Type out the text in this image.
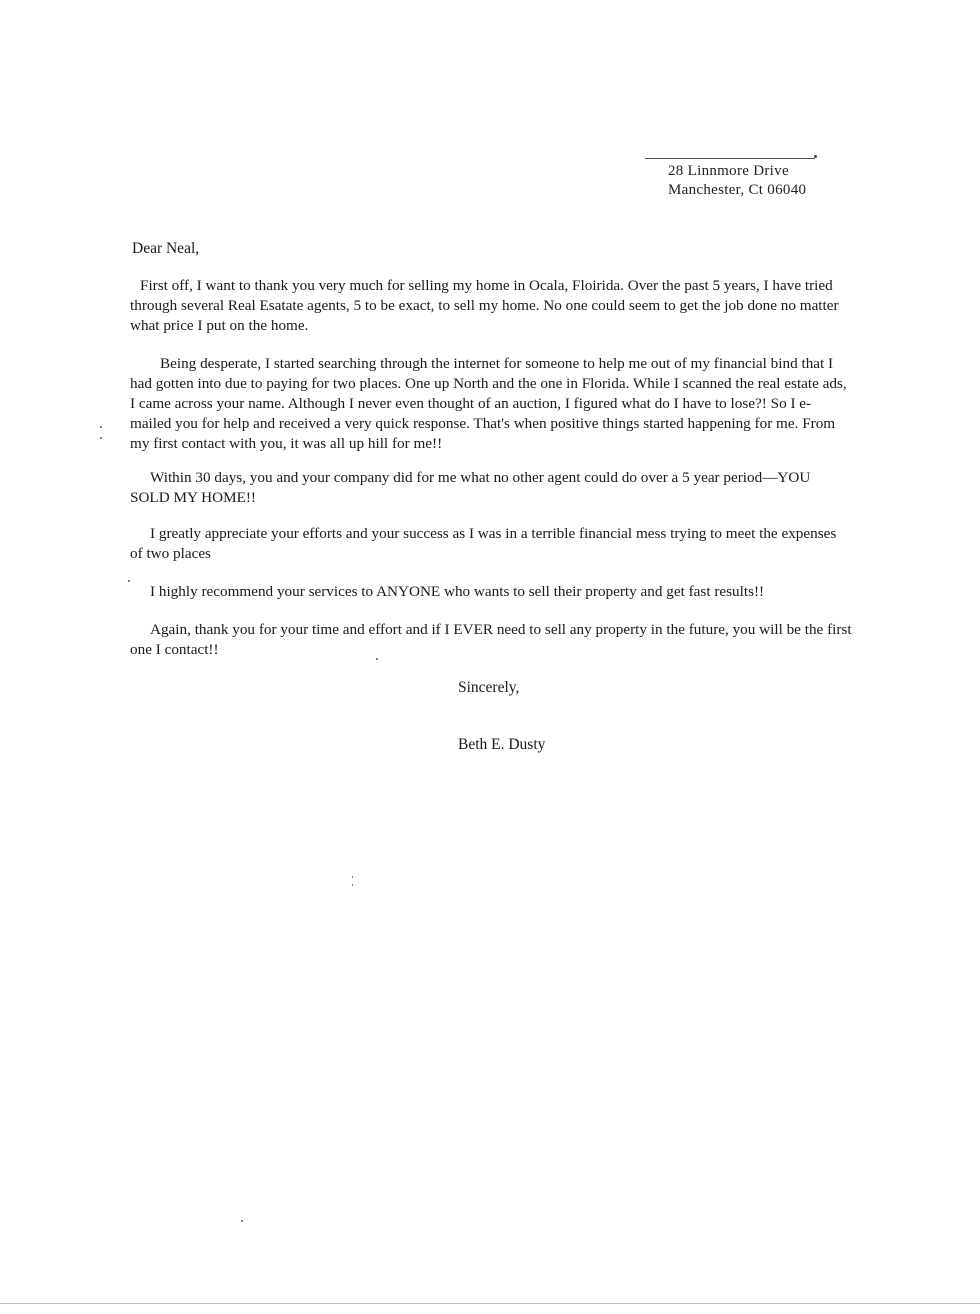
28 Linnmore Drive
Manchester, Ct 06040
Dear Neal,
First off, I want to thank you very much for selling my home in Ocala, Floirida. Over the past 5 years, I have tried through several Real Esatate agents, 5 to be exact, to sell my home. No one could seem to get the job done no matter what price I put on the home.
Being desperate, I started searching through the internet for someone to help me out of my financial bind that I had gotten into due to paying for two places. One up North and the one in Florida. While I scanned the real estate ads, I came across your name. Although I never even thought of an auction, I figured what do I have to lose?! So I e-mailed you for help and received a very quick response. That's when positive things started happening for me. From my first contact with you, it was all up hill for me!!
Within 30 days, you and your company did for me what no other agent could do over a 5 year period—YOU SOLD MY HOME!!
I greatly appreciate your efforts and your success as I was in a terrible financial mess trying to meet the expenses of two places
I highly recommend your services to ANYONE who wants to sell their property and get fast results!!
Again, thank you for your time and effort and if I EVER need to sell any property in the future, you will be the first one I contact!!
Sincerely,
Beth E. Dusty
